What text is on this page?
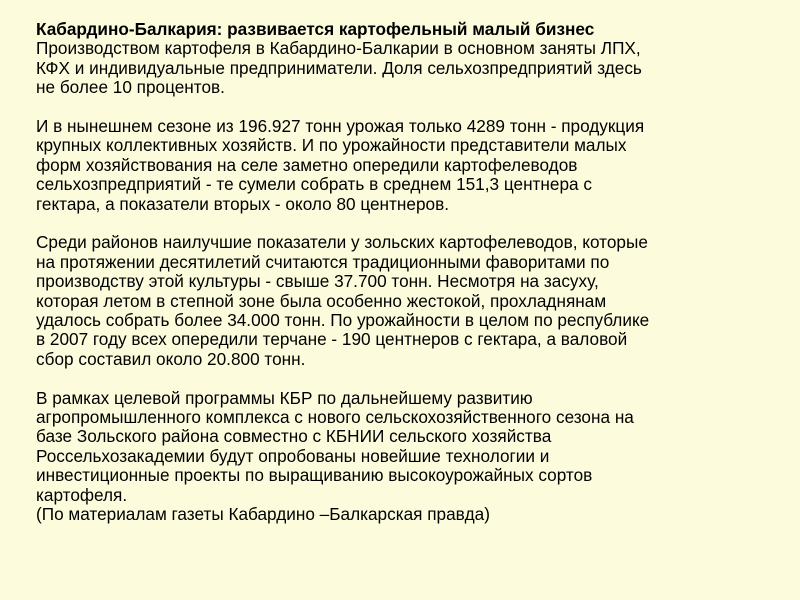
Кабардино-Балкария: развивается картофельный малый бизнес
Производством картофеля в Кабардино-Балкарии в основном заняты ЛПХ,
КФХ и индивидуальные предприниматели. Доля сельхозпредприятий здесь
не более 10 процентов.
И в нынешнем сезоне из 196.927 тонн урожая только 4289 тонн - продукция
крупных коллективных хозяйств. И по урожайности представители малых
форм хозяйствования на селе заметно опередили картофелеводов
сельхозпредприятий - те сумели собрать в среднем 151,3 центнера с
гектара, а показатели вторых - около 80 центнеров.
Среди районов наилучшие показатели у зольских картофелеводов, которые
на протяжении десятилетий считаются традиционными фаворитами по
производству этой культуры - свыше 37.700 тонн. Несмотря на засуху,
которая летом в степной зоне была особенно жестокой, прохладнянам
удалось собрать более 34.000 тонн. По урожайности в целом по республике
в 2007 году всех опередили терчане - 190 центнеров с гектара, а валовой
сбор составил около 20.800 тонн.
В рамках целевой программы КБР по дальнейшему развитию
агропромышленного комплекса с нового сельскохозяйственного сезона на
базе Зольского района совместно с КБНИИ сельского хозяйства
Россельхозакадемии будут опробованы новейшие технологии и
инвестиционные проекты по выращиванию высокоурожайных сортов
картофеля.
(По материалам газеты Кабардино –Балкарская правда)
